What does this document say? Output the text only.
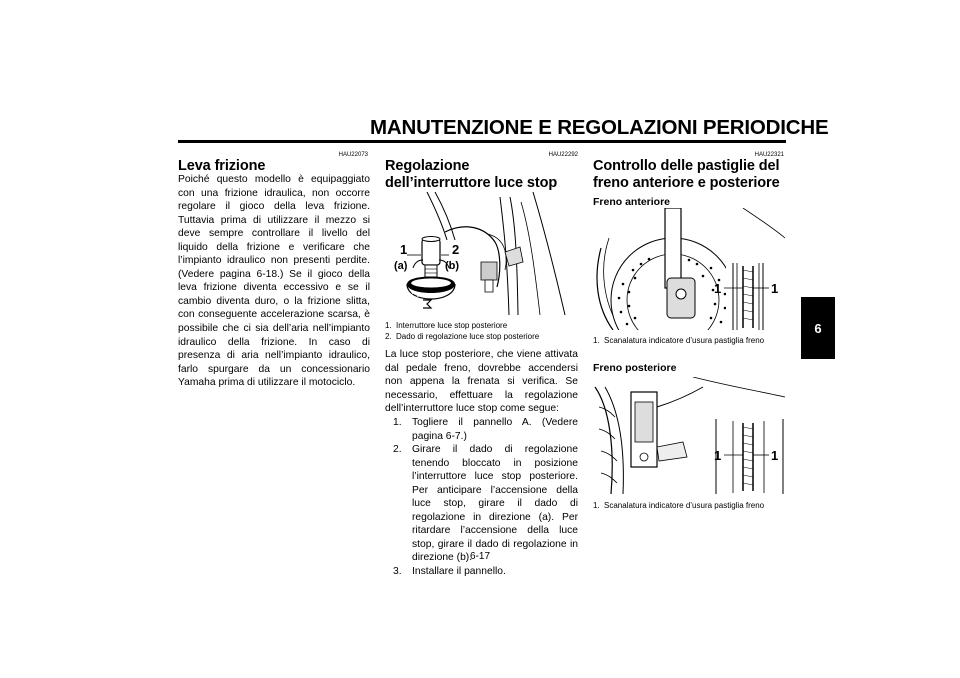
MANUTENZIONE E REGOLAZIONI PERIODICHE
6
HAU22073
Leva frizione

Poiché questo modello è equipaggiato con una frizione idraulica, non occorre regolare il gioco della leva frizione. Tuttavia prima di utilizzare il mezzo si deve sempre controllare il livello del liquido della frizione e verificare che l’impianto idraulico non presenti perdite. (Vedere pagina 6-18.) Se il gioco della leva frizione diventa eccessivo e se il cambio diventa duro, o la frizione slitta, con conseguente accelerazione scarsa, è possibile che ci sia dell’aria nell’impianto idraulico della frizione. In caso di presenza di aria nell’impianto idraulico, farlo spurgare da un concessionario Yamaha prima di utilizzare il motociclo.

HAU22292
Regolazione dell’interruttore luce stop
1	2
(a)	(b)
1. Interruttore luce stop posteriore
2. Dado di regolazione luce stop posteriore

La luce stop posteriore, che viene attivata dal pedale freno, dovrebbe accendersi non appena la frenata si verifica. Se necessario, effettuare la regolazione dell’interruttore luce stop come segue:

1.	Togliere il pannello A. (Vedere pagina 6-7.)
2.	Girare il dado di regolazione tenendo bloccato in posizione l’interruttore luce stop posteriore. Per anticipare l’accensione della luce stop, girare il dado di regolazione in direzione (a). Per ritardare l’accensione della luce stop, girare il dado di regolazione in direzione (b).
3.	Installare il pannello.
HAU22321
Controllo delle pastiglie del freno anteriore e posteriore
Freno anteriore
1	1
1. Scanalatura indicatore d’usura pastiglia freno
Freno posteriore
1	1
1. Scanalatura indicatore d’usura pastiglia freno
6-17
